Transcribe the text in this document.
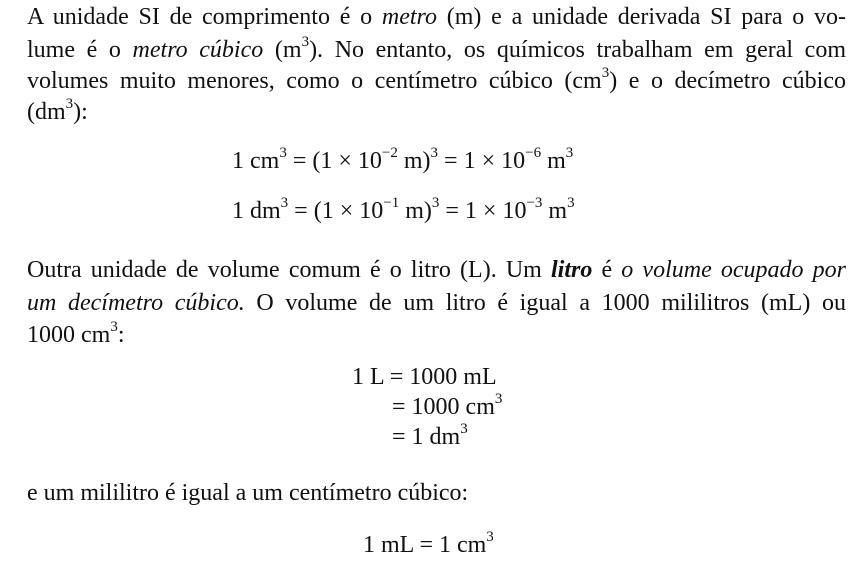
A unidade SI de comprimento é o metro (m) e a unidade derivada SI para o vo-
lume é o metro cúbico $(m^3)$. No entanto, os químicos trabalham em geral com
volumes muito menores, como o centímetro cúbico $(cm^3)$ e o decímetro cúbico
$(dm^3)$:
Outra unidade de volume comum é o litro (L). Um litro é o volume ocupado por
um decímetro cúbico. O volume de um litro é igual a 1000 mililitros (mL) ou
1000 $cm^3$:
e um mililitro é igual a um centímetro cúbico:
1 $cm^3 = (1 \times 10^{-2}$ $m)^3 = 1 \times 10^{-6}$ $m^3$
1 $dm^3 = (1 \times 10^{-1}$ $m)^3 = 1 \times 10^{-3}$ $m^3$
1 L = 1000 mL
= 1000 $cm^3$
= 1 $dm^3$
1 mL = 1 $cm^3$
